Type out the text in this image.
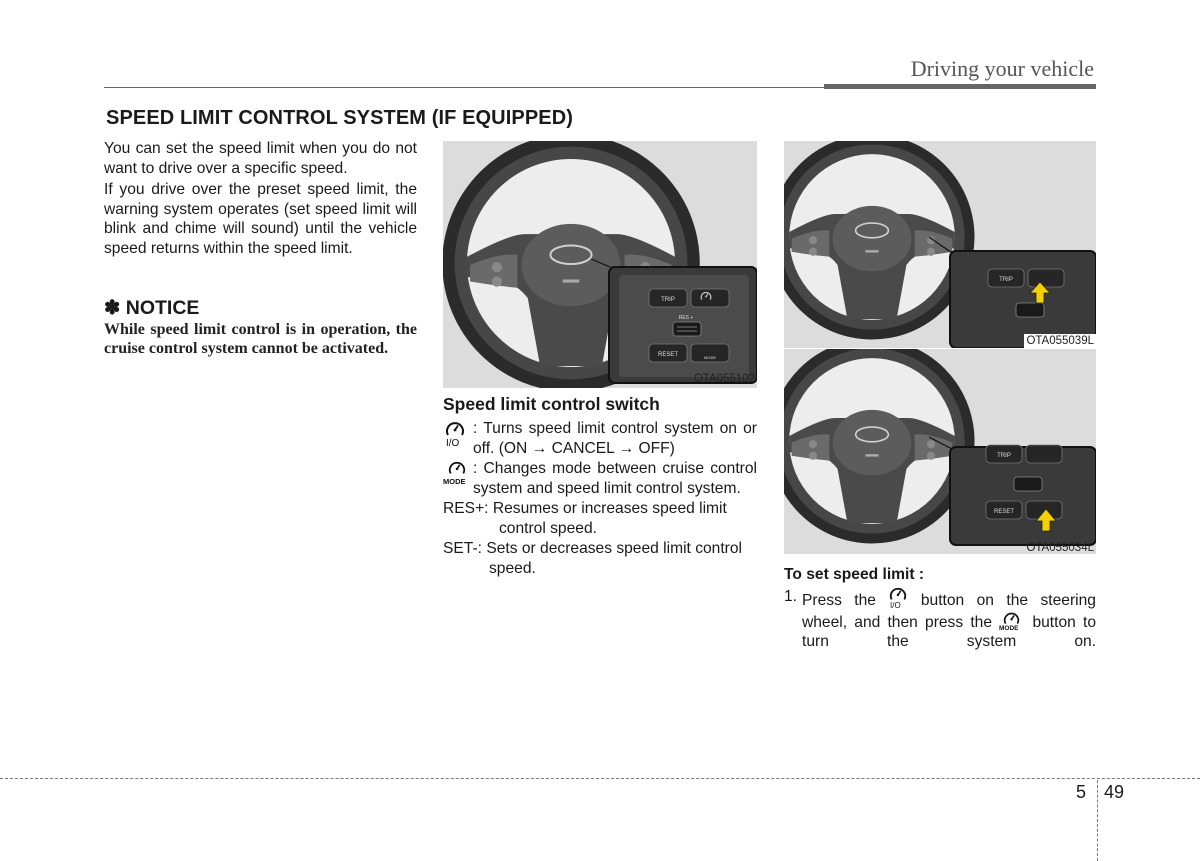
Driving your vehicle
SPEED LIMIT CONTROL SYSTEM (IF EQUIPPED)
You can set the speed limit when you do not want to drive over a specific speed.
If you drive over the preset speed limit, the warning system operates (set speed limit will blink and chime will sound) until the vehicle speed returns within the speed limit.
✽ NOTICE
While speed limit control is in operation, the cruise control system cannot be activated.
TRIP
RES +
RESET	MODE
OTA055102
Speed limit control switch
I/O
: Turns speed limit control system on or off. (ON → CANCEL → OFF)
MODE
: Changes mode between cruise control system and speed limit control system.
RES+: Resumes or increases speed limit control speed.
SET-: Sets or decreases speed limit control speed.
TRIP
OTA055039L
TRIP
RESET
OTA055034L
To set speed limit :
1. Press the I/O button on the steering wheel, and then press the MODE button to turn the system on.
5 49
